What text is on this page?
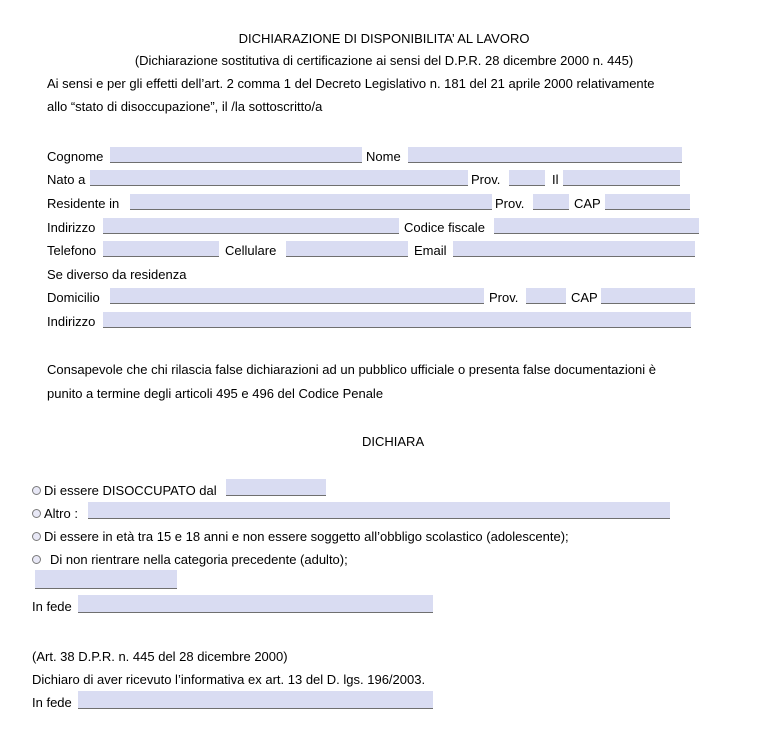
DICHIARAZIONE DI DISPONIBILITA’ AL LAVORO
(Dichiarazione sostitutiva di certificazione ai sensi del D.P.R. 28 dicembre 2000 n. 445)
Ai sensi e per gli effetti dell’art. 2 comma 1 del Decreto Legislativo n. 181 del 21 aprile 2000 relativamente
allo “stato di disoccupazione”, il /la sottoscritto/a
Cognome	Nome
Nato a	Prov.	Il
Residente in	Prov.	CAP
Indirizzo	Codice fiscale
Telefono	Cellulare	Email
Se diverso da residenza
Domicilio	Prov.	CAP
Indirizzo
Consapevole che chi rilascia false dichiarazioni ad un pubblico ufficiale o presenta false documentazioni è
punito a termine degli articoli 495 e 496 del Codice Penale
DICHIARA
Di essere DISOCCUPATO dal
Altro :
Di essere in età tra 15 e 18 anni e non essere soggetto all’obbligo scolastico (adolescente);
Di non rientrare nella categoria precedente (adulto);
In fede
(Art. 38 D.P.R. n. 445 del 28 dicembre 2000)
Dichiaro di aver ricevuto l’informativa ex art. 13 del D. lgs. 196/2003.
In fede
